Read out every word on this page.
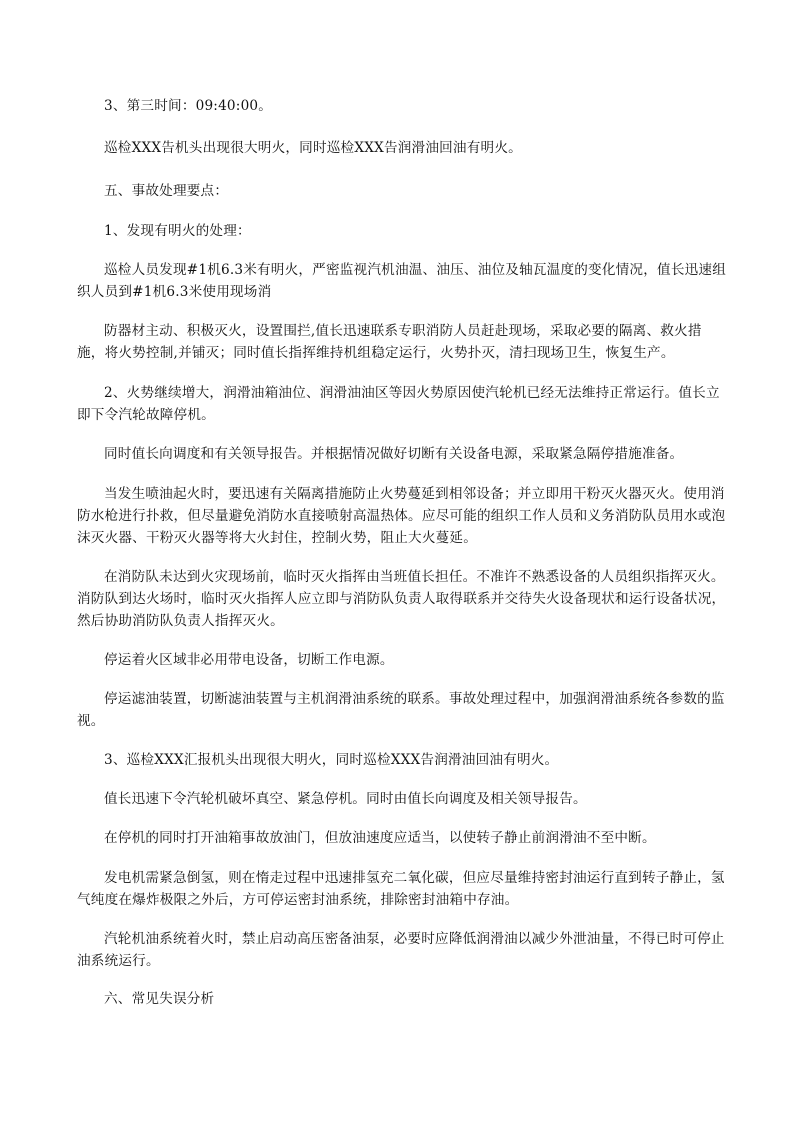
3、第三时间：09:40:00。

巡检XXX告机头出现很大明火，同时巡检XXX告润滑油回油有明火。

五、事故处理要点：

1、发现有明火的处理：

巡检人员发现#1机6.3米有明火，严密监视汽机油温、油压、油位及轴瓦温度的变化情况，值长迅速组织人员到#1机6.3米使用现场消

防器材主动、积极灭火，设置围拦,值长迅速联系专职消防人员赶赴现场，采取必要的隔离、救火措施，将火势控制,并铺灭；同时值长指挥维持机组稳定运行，火势扑灭，清扫现场卫生，恢复生产。

2、火势继续增大，润滑油箱油位、润滑油油区等因火势原因使汽轮机已经无法维持正常运行。值长立即下令汽轮故障停机。

同时值长向调度和有关领导报告。并根据情况做好切断有关设备电源，采取紧急隔停措施准备。

当发生喷油起火时，要迅速有关隔离措施防止火势蔓延到相邻设备；并立即用干粉灭火器灭火。使用消防水枪进行扑救，但尽量避免消防水直接喷射高温热体。应尽可能的组织工作人员和义务消防队员用水或泡沫灭火器、干粉灭火器等将大火封住，控制火势，阻止大火蔓延。

在消防队未达到火灾现场前，临时灭火指挥由当班值长担任。不准许不熟悉设备的人员组织指挥灭火。消防队到达火场时，临时灭火指挥人应立即与消防队负责人取得联系并交待失火设备现状和运行设备状况，然后协助消防队负责人指挥灭火。

停运着火区域非必用带电设备，切断工作电源。

停运滤油装置，切断滤油装置与主机润滑油系统的联系。事故处理过程中，加强润滑油系统各参数的监视。

3、巡检XXX汇报机头出现很大明火，同时巡检XXX告润滑油回油有明火。

值长迅速下令汽轮机破坏真空、紧急停机。同时由值长向调度及相关领导报告。

在停机的同时打开油箱事故放油门，但放油速度应适当，以使转子静止前润滑油不至中断。

发电机需紧急倒氢，则在惰走过程中迅速排氢充二氧化碳，但应尽量维持密封油运行直到转子静止，氢气纯度在爆炸极限之外后，方可停运密封油系统，排除密封油箱中存油。

汽轮机油系统着火时，禁止启动高压密备油泵，必要时应降低润滑油以减少外泄油量，不得已时可停止油系统运行。

六、常见失误分析
